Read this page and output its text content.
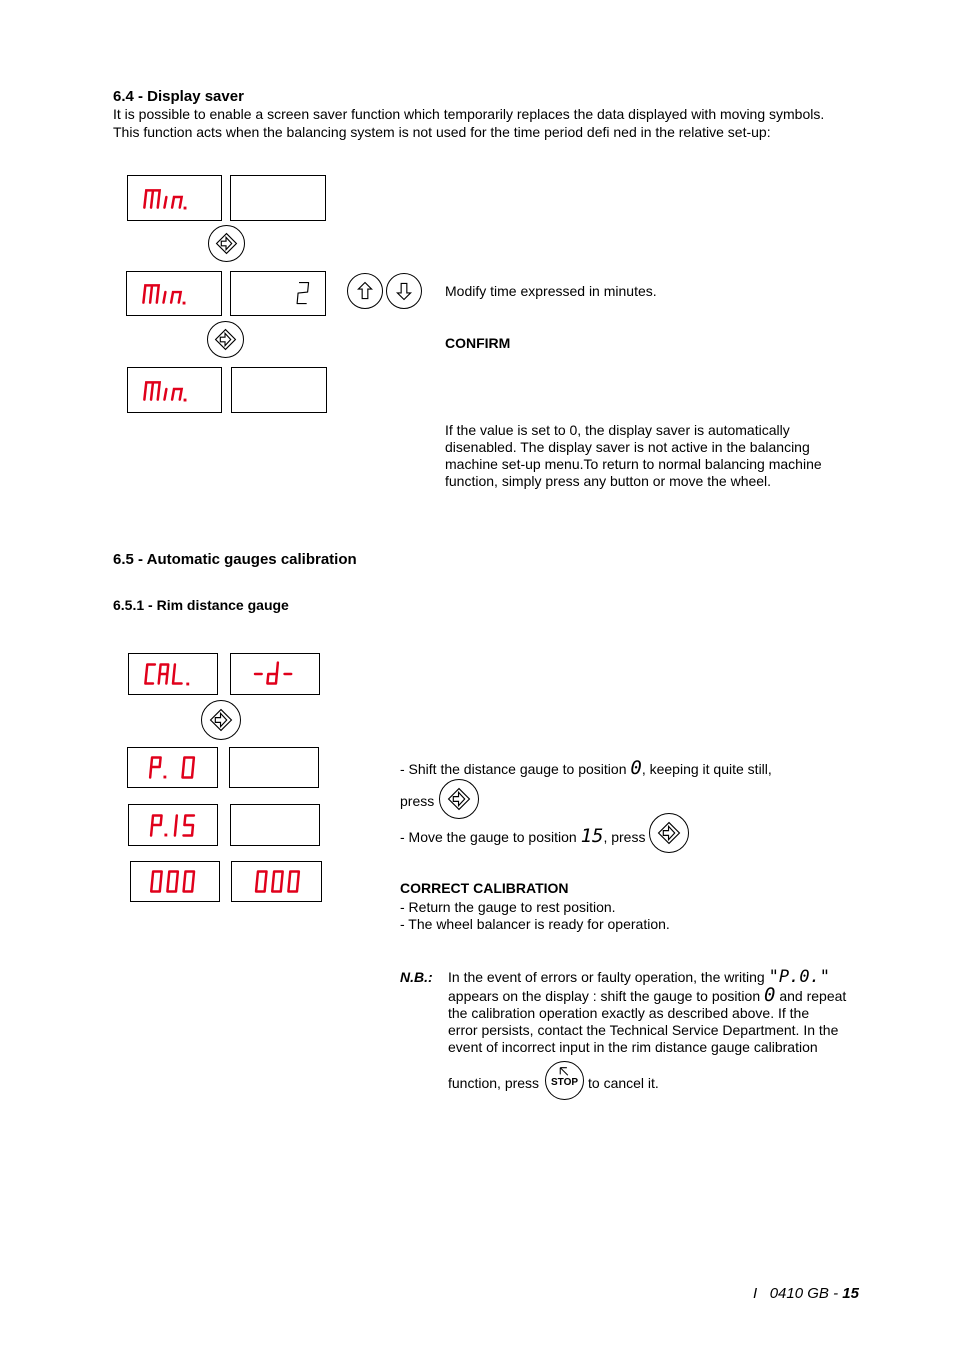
6.4 - Display saver
It is possible to enable a screen saver function which temporarily replaces the data displayed with moving symbols.
This function acts when the balancing system is not used for the time period defi ned in the relative set-up:
Modify time expressed in minutes.
CONFIRM
If the value is set to 0, the display saver is automatically
disenabled. The display saver is not active in the balancing
machine set-up menu.To return to normal balancing machine
function, simply press any button or move the wheel.
6.5 - Automatic gauges calibration
6.5.1 - Rim distance gauge
- Shift the distance gauge to position 0, keeping it quite still,
press
- Move the gauge to position 15, press
CORRECT CALIBRATION
- Return the gauge to rest position.
- The wheel balancer is ready for operation.
N.B.: In the event of errors or faulty operation, the writing "P.0."
appears on the display : shift the gauge to position 0 and repeat
the calibration operation exactly as described above. If the
error persists, contact the Technical Service Department. In the
event of incorrect input in the rim distance gauge calibration
function, press	STOP to cancel it.
I 0410 GB - 15
